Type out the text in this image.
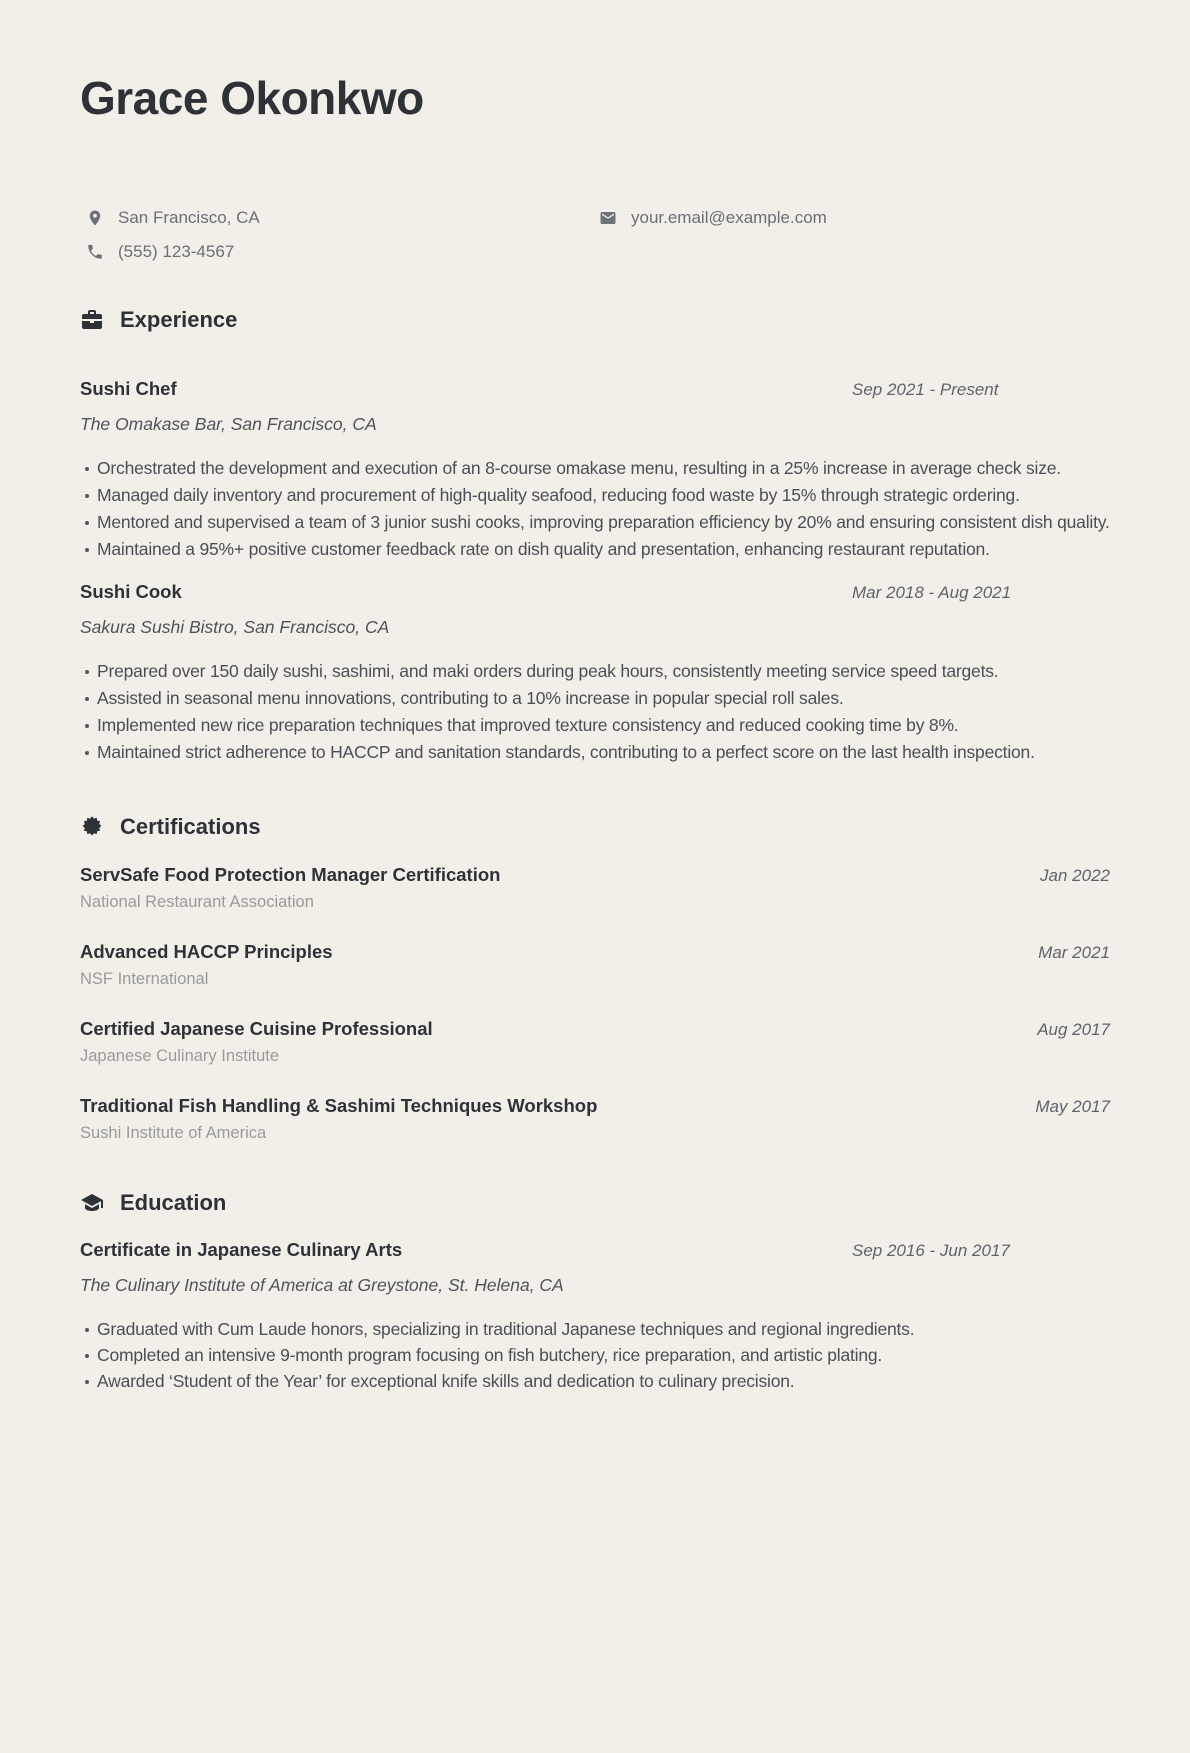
Grace Okonkwo
San Francisco, CA	your.email@example.com
(555) 123-4567
Experience
Sushi Chef	Sep 2021 - Present
The Omakase Bar, San Francisco, CA
Orchestrated the development and execution of an 8-course omakase menu, resulting in a 25% increase in average check size.
Managed daily inventory and procurement of high-quality seafood, reducing food waste by 15% through strategic ordering.
Mentored and supervised a team of 3 junior sushi cooks, improving preparation efficiency by 20% and ensuring consistent dish quality.
Maintained a 95%+ positive customer feedback rate on dish quality and presentation, enhancing restaurant reputation.
Sushi Cook	Mar 2018 - Aug 2021
Sakura Sushi Bistro, San Francisco, CA
Prepared over 150 daily sushi, sashimi, and maki orders during peak hours, consistently meeting service speed targets.
Assisted in seasonal menu innovations, contributing to a 10% increase in popular special roll sales.
Implemented new rice preparation techniques that improved texture consistency and reduced cooking time by 8%.
Maintained strict adherence to HACCP and sanitation standards, contributing to a perfect score on the last health inspection.
Certifications
ServSafe Food Protection Manager Certification	Jan 2022
National Restaurant Association
Advanced HACCP Principles	Mar 2021
NSF International
Certified Japanese Cuisine Professional	Aug 2017
Japanese Culinary Institute
Traditional Fish Handling & Sashimi Techniques Workshop	May 2017
Sushi Institute of America
Education
Certificate in Japanese Culinary Arts	Sep 2016 - Jun 2017
The Culinary Institute of America at Greystone, St. Helena, CA
Graduated with Cum Laude honors, specializing in traditional Japanese techniques and regional ingredients.
Completed an intensive 9-month program focusing on fish butchery, rice preparation, and artistic plating.
Awarded ‘Student of the Year’ for exceptional knife skills and dedication to culinary precision.
